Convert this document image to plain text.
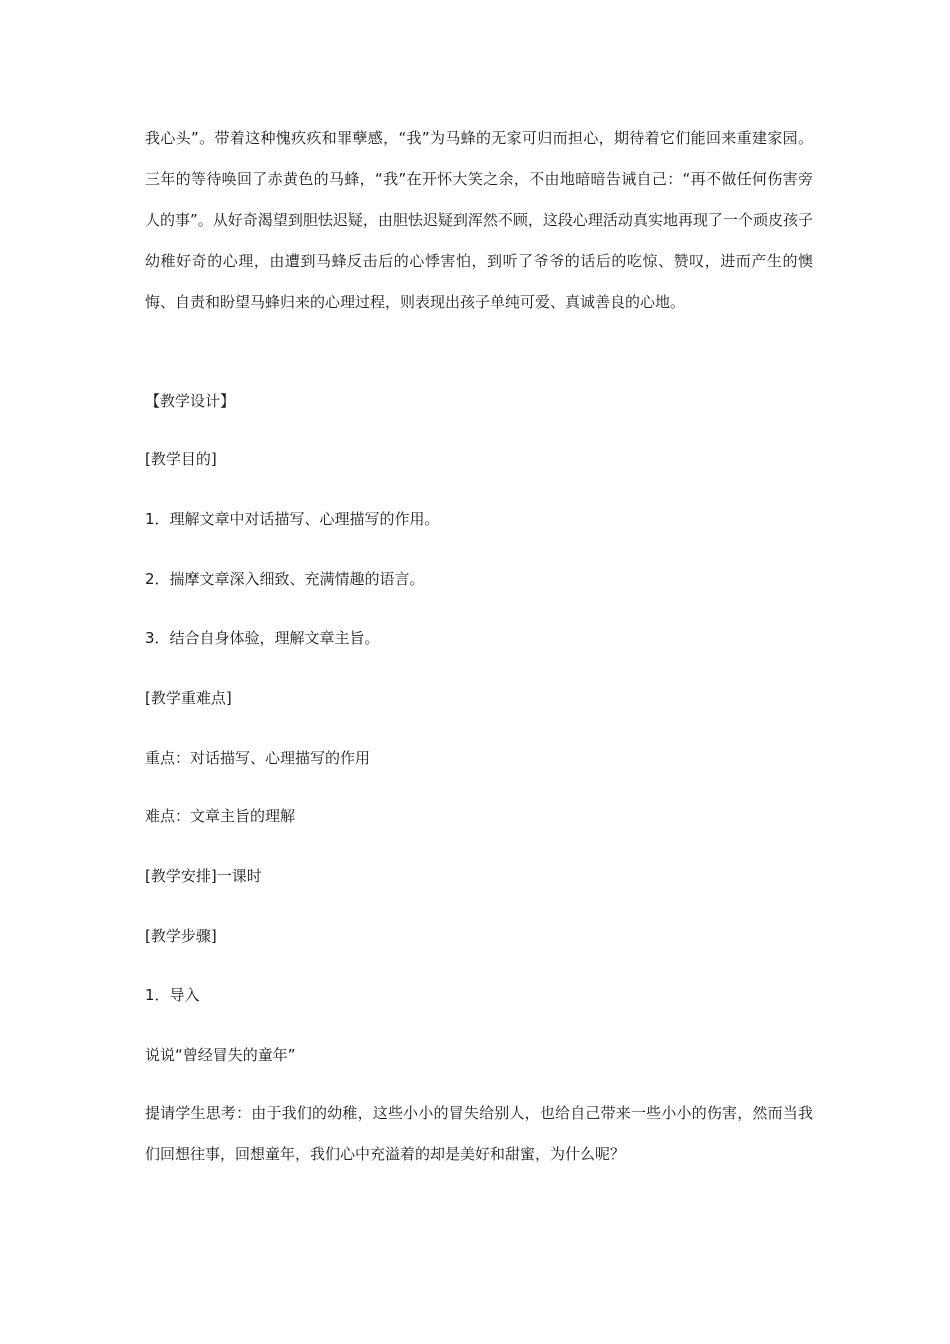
我心头”。带着这种愧疚疚和罪孽感，“我”为马蜂的无家可归而担心，期待着它们能回来重建家园。三年的等待唤回了赤黄色的马蜂，“我”在开怀大笑之余，不由地暗暗告诫自己：“再不做任何伤害旁人的事”。从好奇渴望到胆怯迟疑，由胆怯迟疑到浑然不顾，这段心理活动真实地再现了一个顽皮孩子幼稚好奇的心理，由遭到马蜂反击后的心悸害怕，到听了爷爷的话后的吃惊、赞叹，进而产生的懊悔、自责和盼望马蜂归来的心理过程，则表现出孩子单纯可爱、真诚善良的心地。

【教学设计】
[教学目的]
1．理解文章中对话描写、心理描写的作用。
2．揣摩文章深入细致、充满情趣的语言。
3．结合自身体验，理解文章主旨。
[教学重难点]
重点：对话描写、心理描写的作用
难点：文章主旨的理解
[教学安排]一课时
[教学步骤]
1．导入
说说“曾经冒失的童年”

提请学生思考：由于我们的幼稚，这些小小的冒失给别人，也给自己带来一些小小的伤害，然而当我们回想往事，回想童年，我们心中充溢着的却是美好和甜蜜，为什么呢？
